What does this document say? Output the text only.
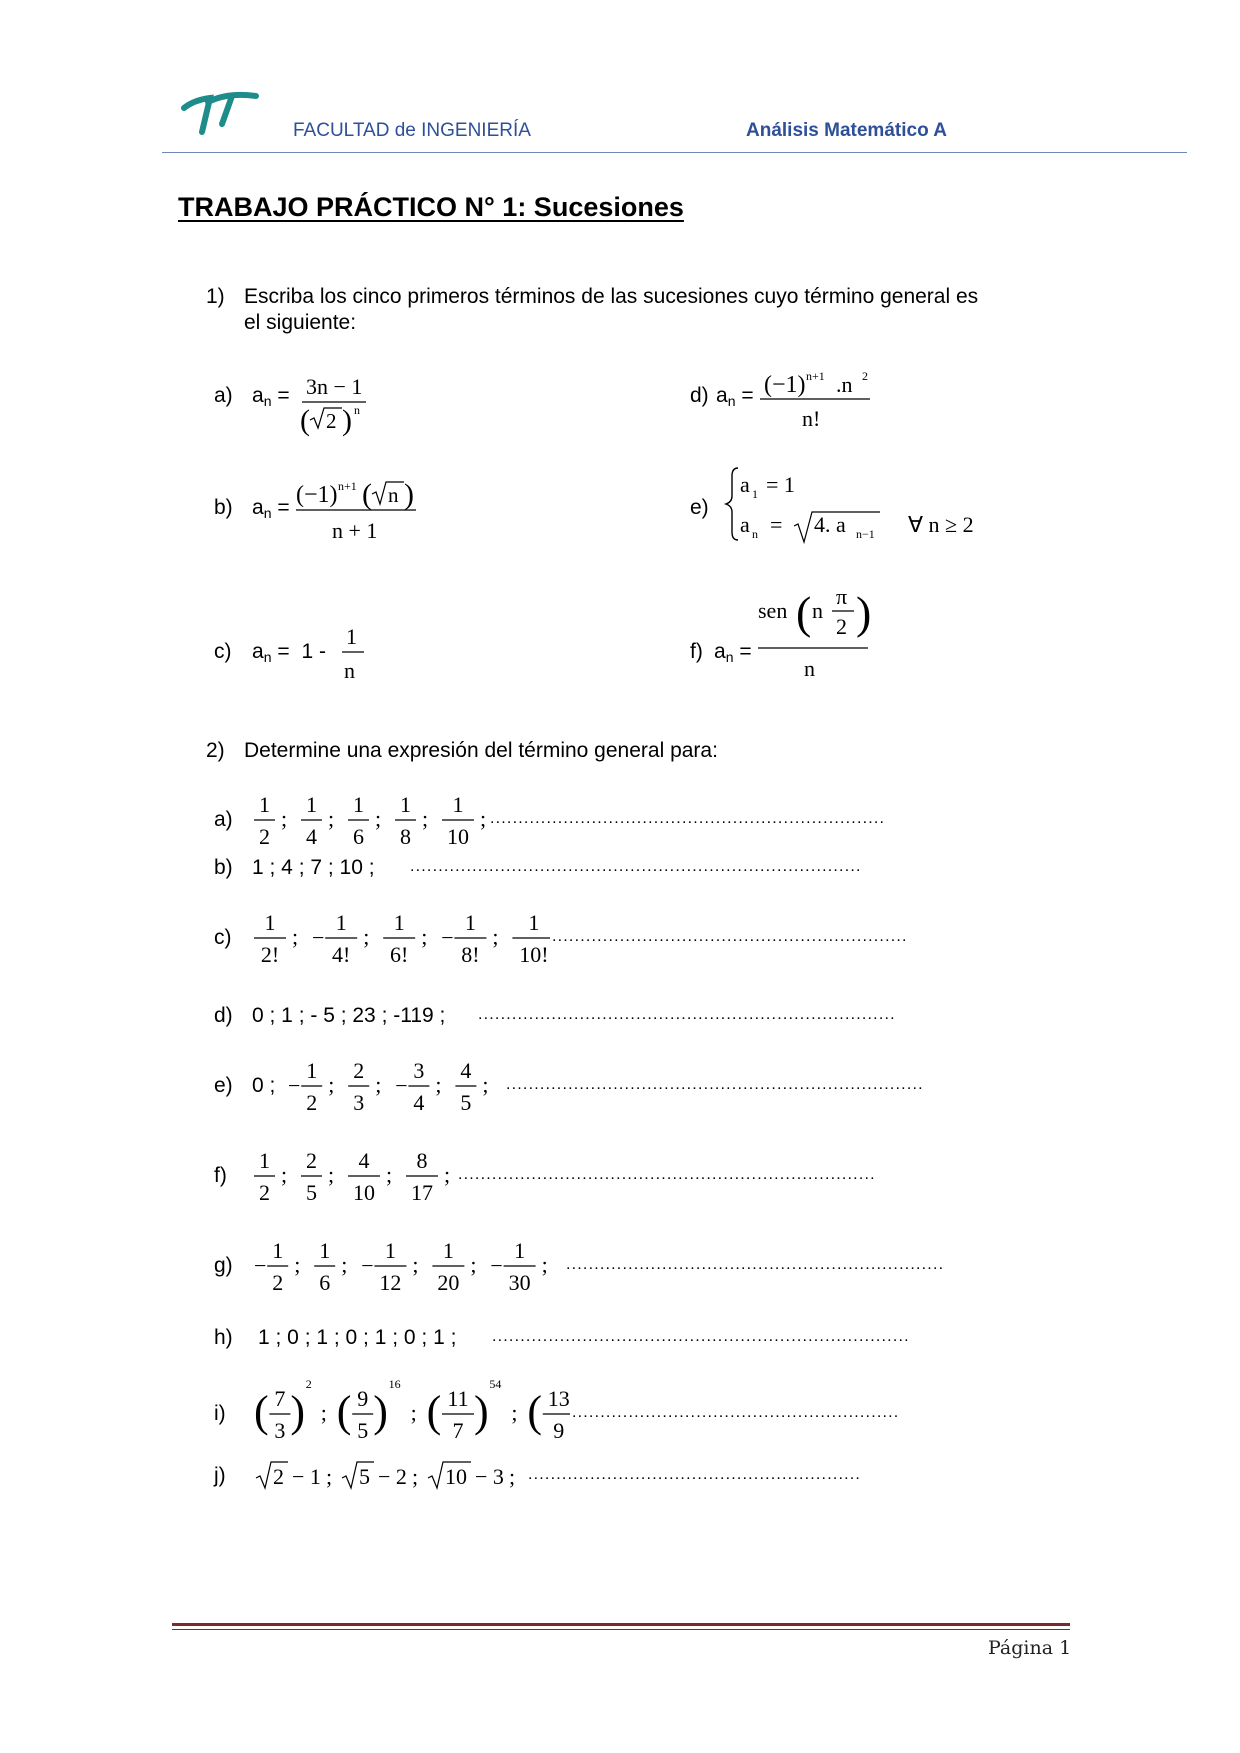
FACULTAD de INGENIERÍA	Análisis Matemático A
TRABAJO PRÁCTICO N° 1: Sucesiones
1) Escriba los cinco primeros términos de las sucesiones cuyo término general es
el siguiente:
a) $a_n = 3n - 1$
( 2 ) n
d) $a_n = (-1)$ n+1 .n 2
n!
b) $a_n = (-1)$ n+1 ( n )
n + 1
e)
a 1 = 1
a n = 4. a n−1 ∀ n ≥ 2
c) $a_n = 1$ -
1
n
f) $a_n$ =
sen ( n
π
2 )
n
2) Determine una expresión del término general para:
a)
1
2
;
1
4
;
1
6
;
1
8
;
1
10
; ......................................................................
b) 1 ; 4 ; 7 ; 10 ; ................................................................................
c)
1
2!
; −
1
4!
;
1
6!
; −
1
8!
;
1
10!
...............................................................
d) 0 ; 1 ; - 5 ; 23 ; -119 ; ..........................................................................
e) 0 ; −
1
2
;
2
3
; −
3
4
;
4
5
; ..........................................................................
f)
1
2
;
2
5
;
4
10
;
8
17
; ..........................................................................
g) −
1
2
;
1
6
; −
1
12
;
1
20
; −
1
30
; ...................................................................
h) 1 ; 0 ; 1 ; 0 ; 1 ; 0 ; 1 ; ..........................................................................
i) ( 7
3 )
2
; ( 9
5 )
16
; ( 11
7 )
54
; ( 13
9
..........................................................
j) 2 − 1 ; 5 − 2 ; 10 − 3 ; ...........................................................
Página 1
